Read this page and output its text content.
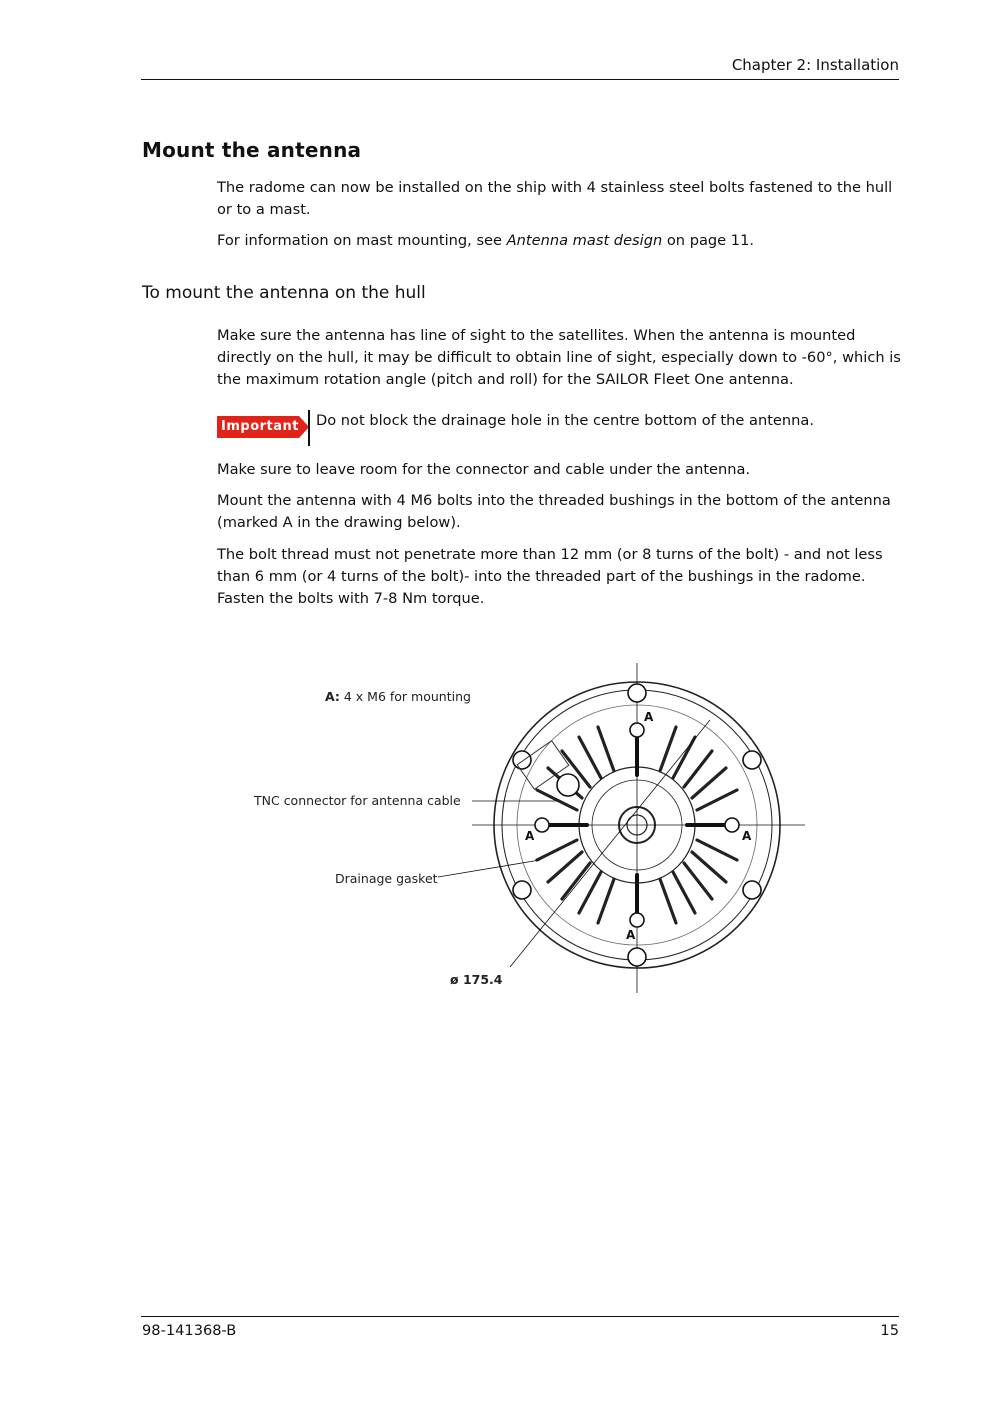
Chapter 2: Installation
Mount the antenna

The radome can now be installed on the ship with 4 stainless steel bolts fastened to the hull or to a mast.

For information on mast mounting, see Antenna mast design on page 11.

To mount the antenna on the hull

Make sure the antenna has line of sight to the satellites. When the antenna is mounted directly on the hull, it may be difficult to obtain line of sight, especially down to -60°, which is the maximum rotation angle (pitch and roll) for the SAILOR Fleet One antenna.

Important Do not block the drainage hole in the centre bottom of the antenna.

Make sure to leave room for the connector and cable under the antenna.

Mount the antenna with 4 M6 bolts into the threaded bushings in the bottom of the antenna (marked A in the drawing below).

The bolt thread must not penetrate more than 12 mm (or 8 turns of the bolt) - and not less than 6 mm (or 4 turns of the bolt)- into the threaded part of the bushings in the radome. Fasten the bolts with 7-8 Nm torque.

A: 4 x M6 for mounting
TNC connector for antenna cable
Drainage gasket
ø 175.4
A
A
A	A
98-141368-B	15
